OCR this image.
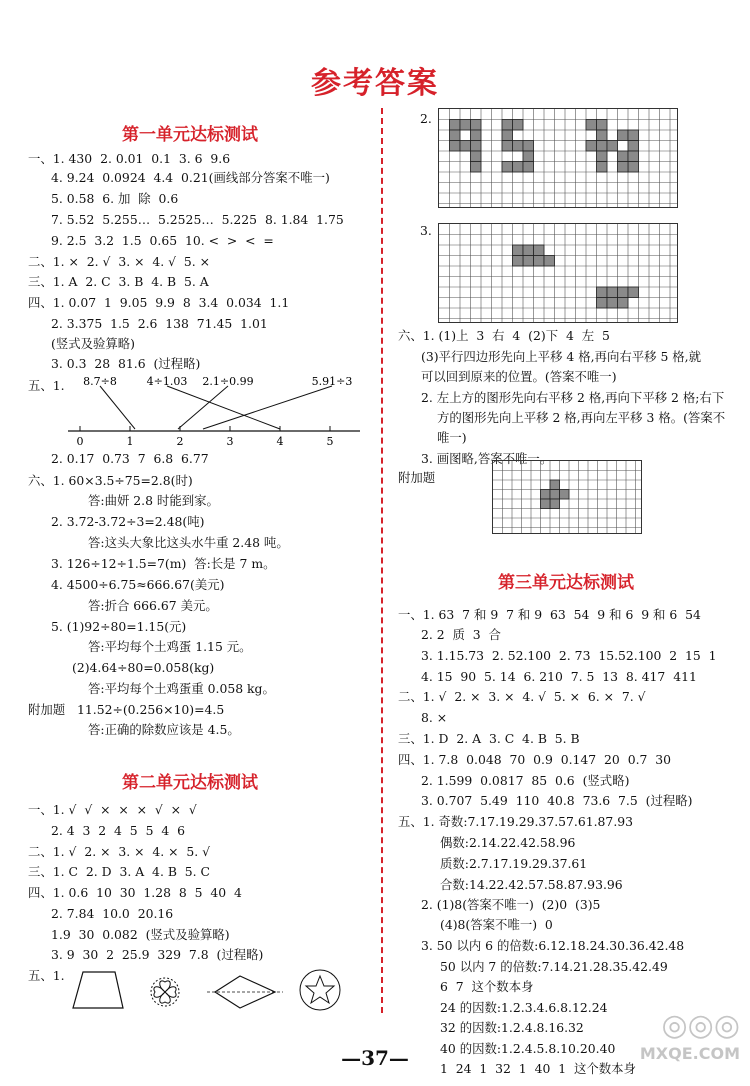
参考答案
第一单元达标测试
第二单元达标测试
第三单元达标测试
一、1. 430  2. 0.01  0.1  3. 6  9.6
4. 9.24  0.0924  4.4  0.21(画线部分答案不唯一)
5. 0.58  6. 加  除  0.6
7. 5.52  5.255…  5.2525…  5.225  8. 1.84  1.75
9. 2.5  3.2  1.5  0.65  10. <  >  <  =
二、1. ×  2. √  3. ×  4. √  5. ×
三、1. A  2. C  3. B  4. B  5. A
四、1. 0.07  1  9.05  9.9  8  3.4  0.034  1.1
2. 3.375  1.5  2.6  138  71.45  1.01
(竖式及验算略)
3. 0.3  28  81.6  (过程略)
五、1.
2. 0.17  0.73  7  6.8  6.77
六、1. 60×3.5÷75=2.8(时)
答:曲妍 2.8 时能到家。
2. 3.72-3.72÷3=2.48(吨)
答:这头大象比这头水牛重 2.48 吨。
3. 126÷12÷1.5=7(m)  答:长是 7 m。
4. 4500÷6.75≈666.67(美元)
答:折合 666.67 美元。
5. (1)92÷80=1.15(元)
答:平均每个土鸡蛋 1.15 元。
(2)4.64÷80=0.058(kg)
答:平均每个土鸡蛋重 0.058 kg。
附加题   11.52÷(0.256×10)=4.5
答:正确的除数应该是 4.5。
一、1. √  √  ×  ×  ×  √  ×  √
2. 4  3  2  4  5  5  4  6
二、1. √  2. ×  3. ×  4. ×  5. √
三、1. C  2. D  3. A  4. B  5. C
四、1. 0.6  10  30  1.28  8  5  40  4
2. 7.84  10.0  20.16
1.9  30  0.082  (竖式及验算略)
3. 9  30  2  25.9  329  7.8  (过程略)
五、1.
2.
3.
六、1. (1)上  3  右  4  (2)下  4  左  5
(3)平行四边形先向上平移 4 格,再向右平移 5 格,就
可以回到原来的位置。(答案不唯一)
2. 左上方的图形先向右平移 2 格,再向下平移 2 格;右下
方的图形先向上平移 2 格,再向左平移 3 格。(答案不
唯一)
3. 画图略,答案不唯一。
附加题
一、1. 63  7 和 9  7 和 9  63  54  9 和 6  9 和 6  54
2. 2  质  3  合
3. 1.15.73  2. 52.100  2. 73  15.52.100  2  15  1
4. 15  90  5. 14  6. 210  7. 5  13  8. 417  411
二、1. √  2. ×  3. ×  4. √  5. ×  6. ×  7. √
8. ×
三、1. D  2. A  3. C  4. B  5. B
四、1. 7.8  0.048  70  0.9  0.147  20  0.7  30
2. 1.599  0.0817  85  0.6  (竖式略)
3. 0.707  5.49  110  40.8  73.6  7.5  (过程略)
五、1. 奇数:7.17.19.29.37.57.61.87.93
偶数:2.14.22.42.58.96
质数:2.7.17.19.29.37.61
合数:14.22.42.57.58.87.93.96
2. (1)8(答案不唯一)  (2)0  (3)5
(4)8(答案不唯一)  0
3. 50 以内 6 的倍数:6.12.18.24.30.36.42.48
50 以内 7 的倍数:7.14.21.28.35.42.49
6  7  这个数本身
24 的因数:1.2.3.4.6.8.12.24
32 的因数:1.2.4.8.16.32
40 的因数:1.2.4.5.8.10.20.40
1  24  1  32  1  40  1  这个数本身
0	1	2	3	4	5
8.7÷8	4÷1.03 2.1÷0.99	5.91÷3
—37—
◎◎◎
MXQE.COM
